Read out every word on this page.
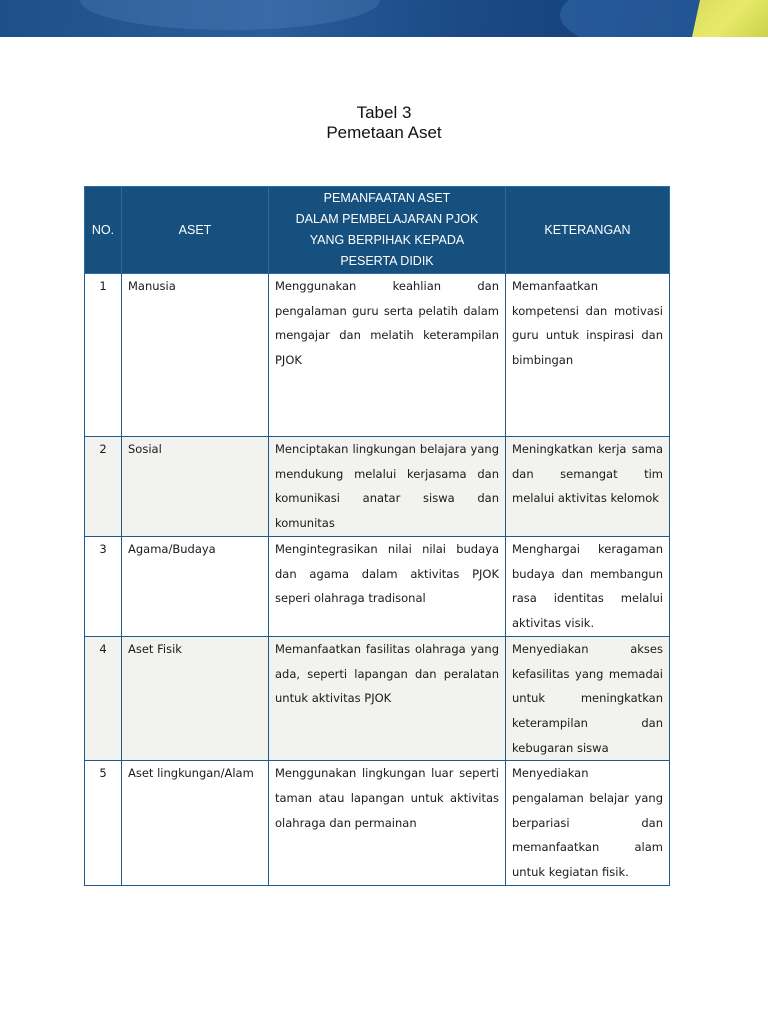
Tabel 3
Pemetaan Aset
NO.	ASET	PEMANFAATAN ASET
DALAM PEMBELAJARAN PJOK
YANG BERPIHAK KEPADA
PESERTA DIDIK	KETERANGAN
1	Manusia	Menggunakan keahlian dan pengalaman guru serta pelatih dalam mengajar dan melatih keterampilan PJOK	Memanfaatkan kompetensi dan motivasi guru untuk inspirasi dan bimbingan
2	Sosial	Menciptakan lingkungan belajara yang mendukung melalui kerjasama dan komunikasi anatar siswa dan komunitas	Meningkatkan kerja sama dan semangat tim melalui aktivitas kelomok
3	Agama/Budaya	Mengintegrasikan nilai nilai budaya dan agama dalam aktivitas PJOK seperi olahraga tradisonal	Menghargai keragaman budaya dan membangun rasa identitas melalui aktivitas visik.
4	Aset Fisik	Memanfaatkan fasilitas olahraga yang ada, seperti lapangan dan peralatan untuk aktivitas PJOK	Menyediakan akses kefasilitas yang memadai untuk meningkatkan keterampilan dan kebugaran siswa
5	Aset lingkungan/Alam	Menggunakan lingkungan luar seperti taman atau lapangan untuk aktivitas olahraga dan permainan	Menyediakan pengalaman belajar yang berpariasi dan memanfaatkan alam untuk kegiatan fisik.
